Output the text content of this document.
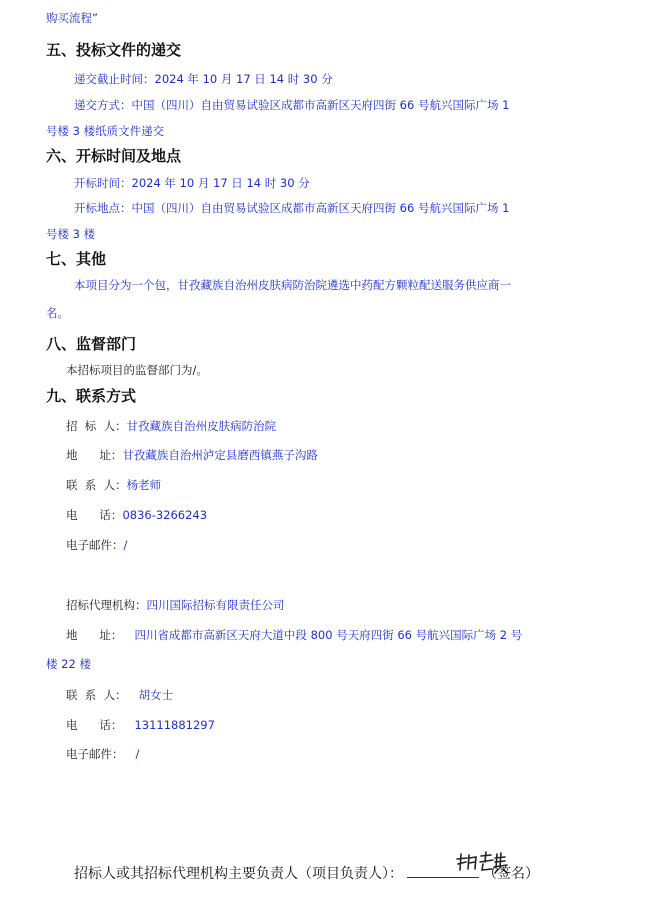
购买流程”
五、投标文件的递交
递交截止时间：2024 年 10 月 17 日 14 时 30 分
递交方式：中国（四川）自由贸易试验区成都市高新区天府四街 66 号航兴国际广场 1
号楼 3 楼纸质文件递交
六、开标时间及地点
开标时间：2024 年 10 月 17 日 14 时 30 分
开标地点：中国（四川）自由贸易试验区成都市高新区天府四街 66 号航兴国际广场 1
号楼 3 楼
七、其他
本项目分为一个包，甘孜藏族自治州皮肤病防治院遴选中药配方颗粒配送服务供应商一
名。
八、监督部门
本招标项目的监督部门为/。
九、联系方式
招  标  人：甘孜藏族自治州皮肤病防治院
地      址：甘孜藏族自治州泸定县磨西镇燕子沟路
联  系  人：杨老师
电      话：0836-3266243
电子邮件：/
招标代理机构：四川国际招标有限责任公司
地      址： 四川省成都市高新区天府大道中段 800 号天府四街 66 号航兴国际广场 2 号
楼 22 楼
联  系  人： 胡女士
电      话： 13111881297
电子邮件： /
招标人或其招标代理机构主要负责人（项目负责人）：	（签名）
